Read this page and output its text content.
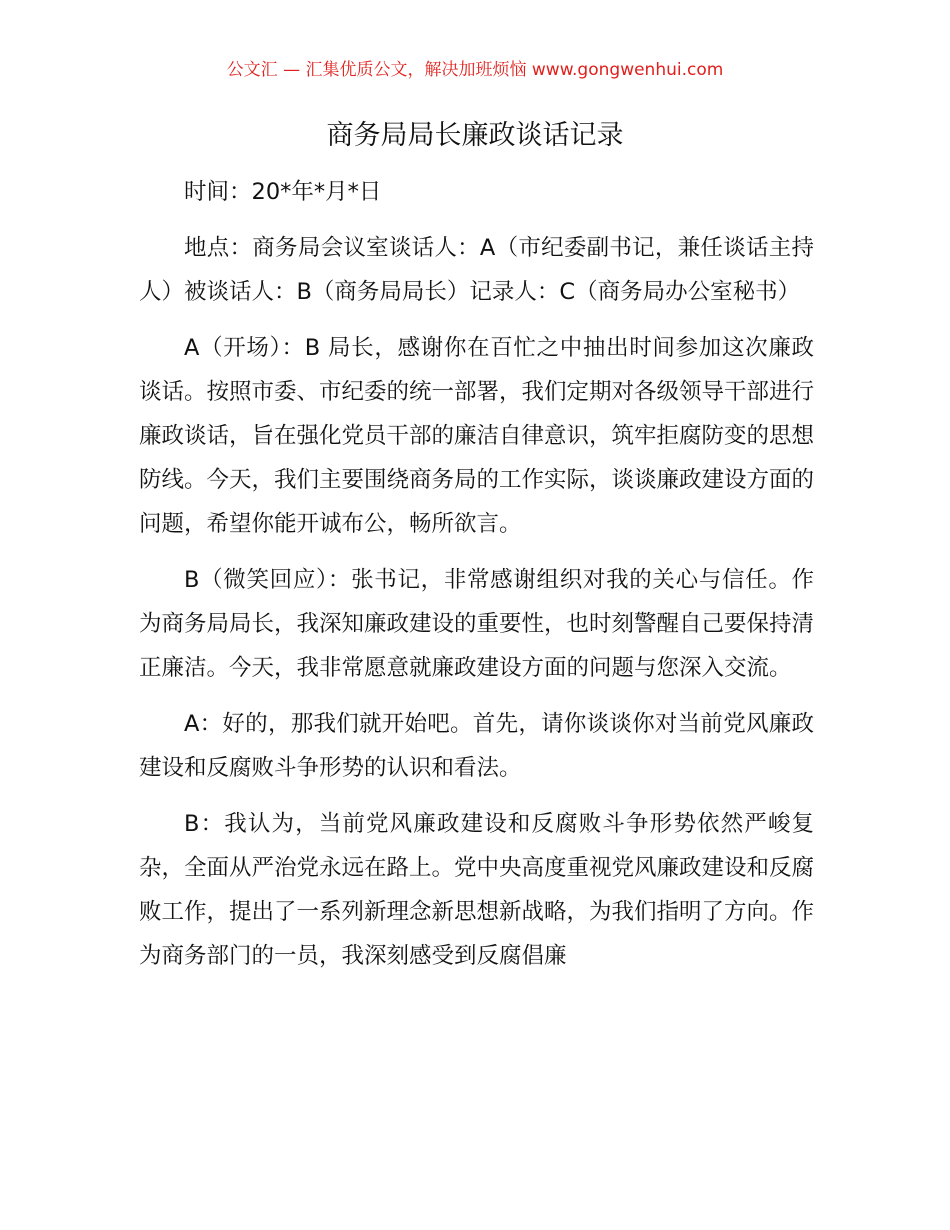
公文汇 — 汇集优质公文，解决加班烦恼 www.gongwenhui.com
商务局局长廉政谈话记录

时间：20*年*月*日

地点：商务局会议室谈话人：A（市纪委副书记，兼任谈话主持人）被谈话人：B（商务局局长）记录人：C（商务局办公室秘书）

A（开场）：B 局长，感谢你在百忙之中抽出时间参加这次廉政谈话。按照市委、市纪委的统一部署，我们定期对各级领导干部进行廉政谈话，旨在强化党员干部的廉洁自律意识，筑牢拒腐防变的思想防线。今天，我们主要围绕商务局的工作实际，谈谈廉政建设方面的问题，希望你能开诚布公，畅所欲言。

B（微笑回应）：张书记，非常感谢组织对我的关心与信任。作为商务局局长，我深知廉政建设的重要性，也时刻警醒自己要保持清正廉洁。今天，我非常愿意就廉政建设方面的问题与您深入交流。

A：好的，那我们就开始吧。首先，请你谈谈你对当前党风廉政建设和反腐败斗争形势的认识和看法。

B：我认为，当前党风廉政建设和反腐败斗争形势依然严峻复杂，全面从严治党永远在路上。党中央高度重视党风廉政建设和反腐败工作，提出了一系列新理念新思想新战略，为我们指明了方向。作为商务部门的一员，我深刻感受到反腐倡廉
